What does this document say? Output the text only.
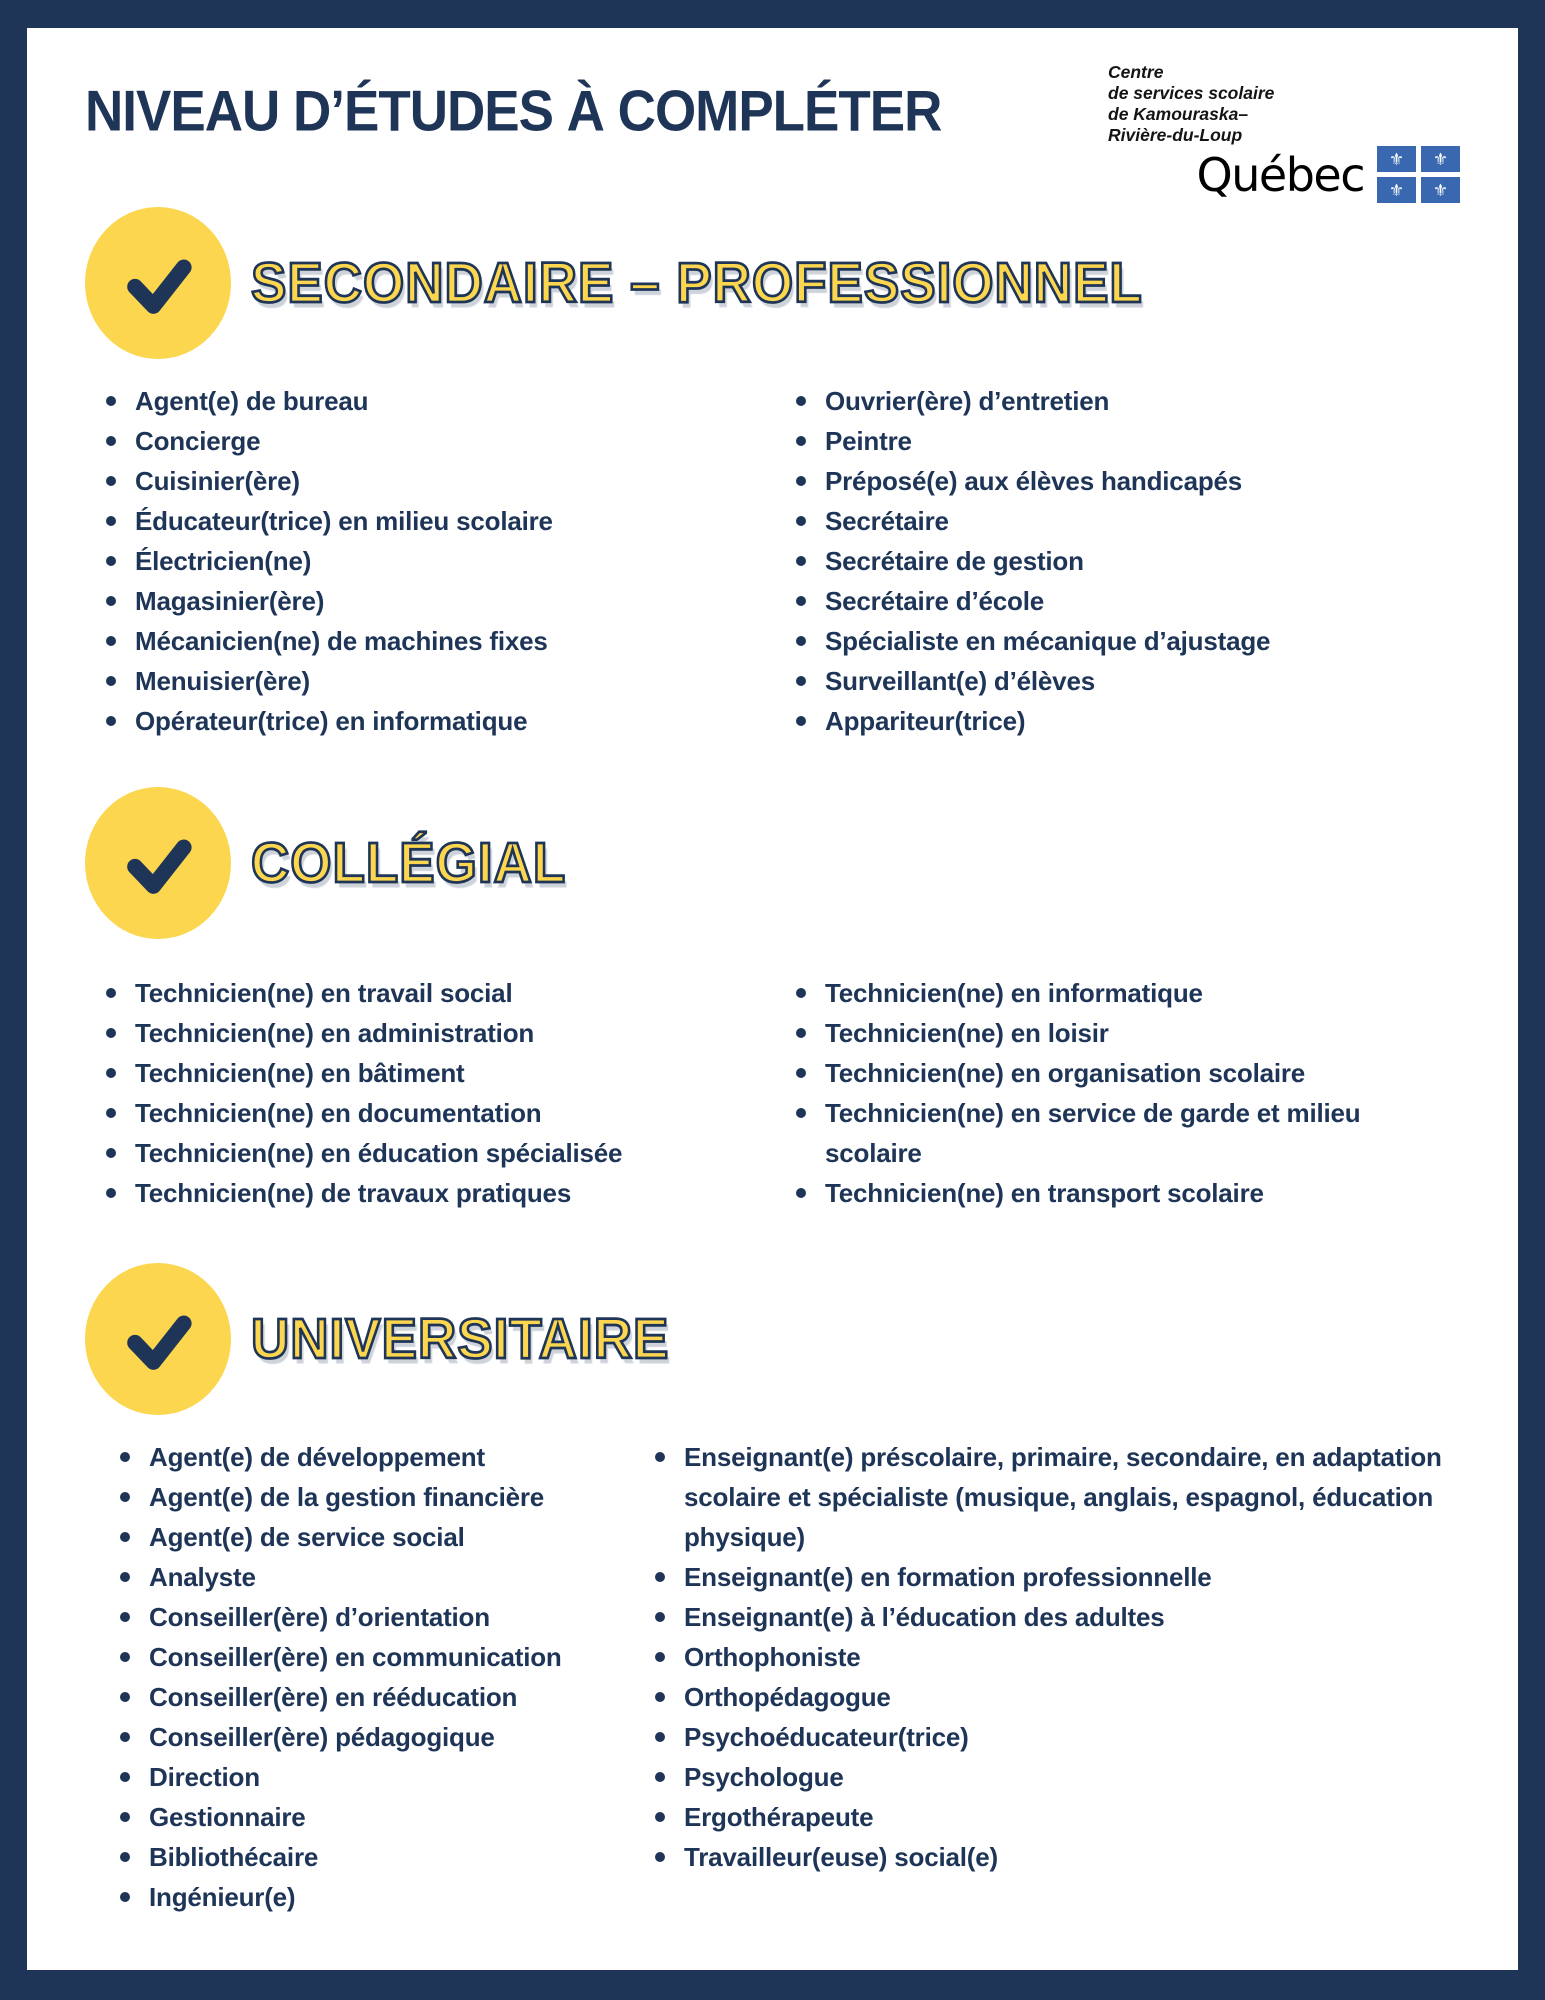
NIVEAU D’ÉTUDES À COMPLÉTER
Centre
de services scolaire
de Kamouraska–
Rivière-du-Loup
Québec	⚜	⚜
⚜	⚜
SECONDAIRE – PROFESSIONNEL
Agent(e) de bureau
Concierge
Cuisinier(ère)
Éducateur(trice) en milieu scolaire
Électricien(ne)
Magasinier(ère)
Mécanicien(ne) de machines fixes
Menuisier(ère)
Opérateur(trice) en informatique
Ouvrier(ère) d’entretien
Peintre
Préposé(e) aux élèves handicapés
Secrétaire
Secrétaire de gestion
Secrétaire d’école
Spécialiste en mécanique d’ajustage
Surveillant(e) d’élèves
Appariteur(trice)
COLLÉGIAL
Technicien(ne) en travail social
Technicien(ne) en administration
Technicien(ne) en bâtiment
Technicien(ne) en documentation
Technicien(ne) en éducation spécialisée
Technicien(ne) de travaux pratiques
Technicien(ne) en informatique
Technicien(ne) en loisir
Technicien(ne) en organisation scolaire
Technicien(ne) en service de garde et milieu scolaire
Technicien(ne) en transport scolaire
UNIVERSITAIRE
Agent(e) de développement
Agent(e) de la gestion financière
Agent(e) de service social
Analyste
Conseiller(ère) d’orientation
Conseiller(ère) en communication
Conseiller(ère) en rééducation
Conseiller(ère) pédagogique
Direction
Gestionnaire
Bibliothécaire
Ingénieur(e)
Enseignant(e) préscolaire, primaire, secondaire, en adaptation scolaire et spécialiste (musique, anglais, espagnol, éducation physique)
Enseignant(e) en formation professionnelle
Enseignant(e) à l’éducation des adultes
Orthophoniste
Orthopédagogue
Psychoéducateur(trice)
Psychologue
Ergothérapeute
Travailleur(euse) social(e)
